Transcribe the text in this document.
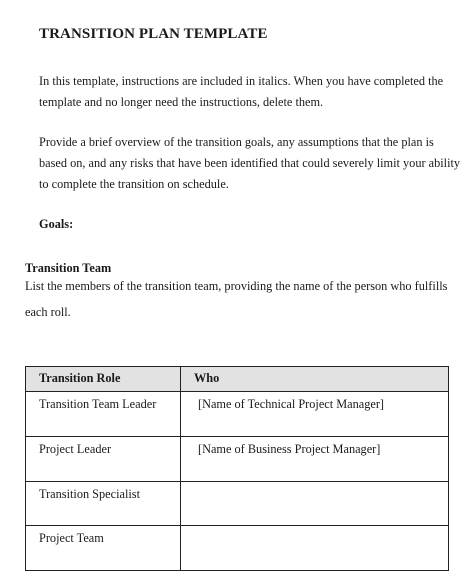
TRANSITION PLAN TEMPLATE
In this template, instructions are included in italics. When you have completed the template and no longer need the instructions, delete them.
Provide a brief overview of the transition goals, any assumptions that the plan is based on, and any risks that have been identified that could severely limit your ability to complete the transition on schedule.
Goals:
Transition Team
List the members of the transition team, providing the name of the person who fulfills each roll.
Transition Role	Who
Transition Team Leader	[Name of Technical Project Manager]
Project Leader	[Name of Business Project Manager]
Transition Specialist	
Project Team	
